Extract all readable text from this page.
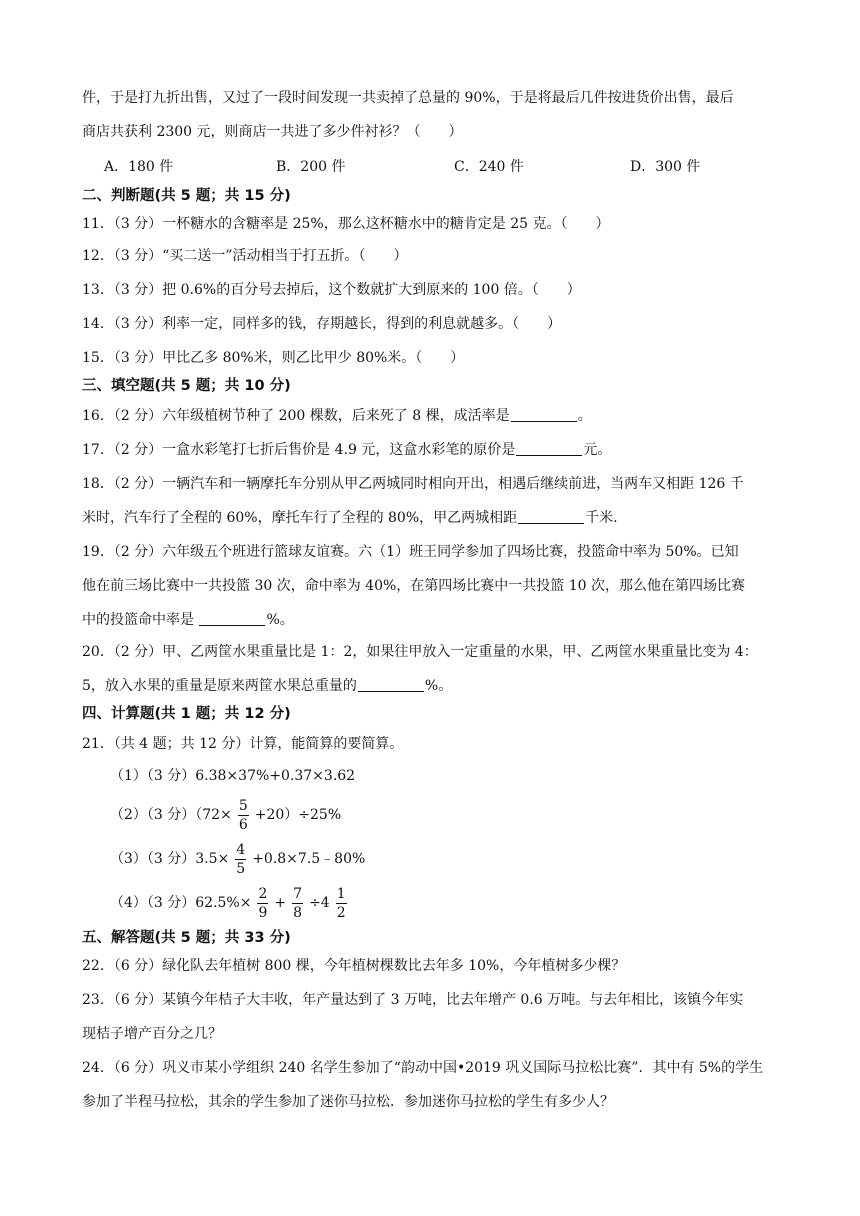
件，于是打九折出售，又过了一段时间发现一共卖掉了总量的 90%，于是将最后几件按进货价出售，最后
商店共获利 2300 元，则商店一共进了多少件衬衫？（　　）
A．180 件	B．200 件	C．240 件	D．300 件
二、判断题(共 5 题；共 15 分)
11．（3 分）一杯糖水的含糖率是 25%，那么这杯糖水中的糖肯定是 25 克。（　　）
12．（3 分）“买二送一”活动相当于打五折。（　　）
13．（3 分）把 0.6%的百分号去掉后，这个数就扩大到原来的 100 倍。（　　）
14．（3 分）利率一定，同样多的钱，存期越长，得到的利息就越多。（　　）
15．（3 分）甲比乙多 80%米，则乙比甲少 80%米。（　　）
三、填空题(共 5 题；共 10 分)
16．（2 分）六年级植树节种了 200 棵数，后来死了 8 棵，成活率是	。
17．（2 分）一盒水彩笔打七折后售价是 4.9 元，这盒水彩笔的原价是	元。
18．（2 分）一辆汽车和一辆摩托车分别从甲乙两城同时相向开出，相遇后继续前进，当两车又相距 126 千
米时，汽车行了全程的 60%，摩托车行了全程的 80%，甲乙两城相距	千米.
19．（2 分）六年级五个班进行篮球友谊赛。六（1）班王同学参加了四场比赛，投篮命中率为 50%。已知
他在前三场比赛中一共投篮 30 次，命中率为 40%，在第四场比赛中一共投篮 10 次，那么他在第四场比赛
中的投篮命中率是	%。
20．（2 分）甲、乙两筐水果重量比是 1：2，如果往甲放入一定重量的水果，甲、乙两筐水果重量比变为 4：
5，放入水果的重量是原来两筐水果总重量的	%。
四、计算题(共 1 题；共 12 分)
21．（共 4 题；共 12 分）计算，能简算的要简算。
（1）（3 分）6.38×37%+0.37×3.62
（2）（3 分）$(72\times \frac{5}{6} +20)\div 25\%$
（3）（3 分）$3.5\times \frac{4}{5}$ +0.8×7.5﹣80%
（4）（3 分）$62.5\%\times \frac{2}{9} + \frac{7}{8} \div 4 \frac{1}{2}$
五、解答题(共 5 题；共 33 分)
22．（6 分）绿化队去年植树 800 棵，今年植树棵数比去年多 10%，今年植树多少棵？
23．（6 分）某镇今年桔子大丰收，年产量达到了 3 万吨，比去年增产 0.6 万吨。与去年相比，该镇今年实
现桔子增产百分之几？
24．（6 分）巩义市某小学组织 240 名学生参加了“韵动中国•2019 巩义国际马拉松比赛”．其中有 5%的学生
参加了半程马拉松，其余的学生参加了迷你马拉松．参加迷你马拉松的学生有多少人？
